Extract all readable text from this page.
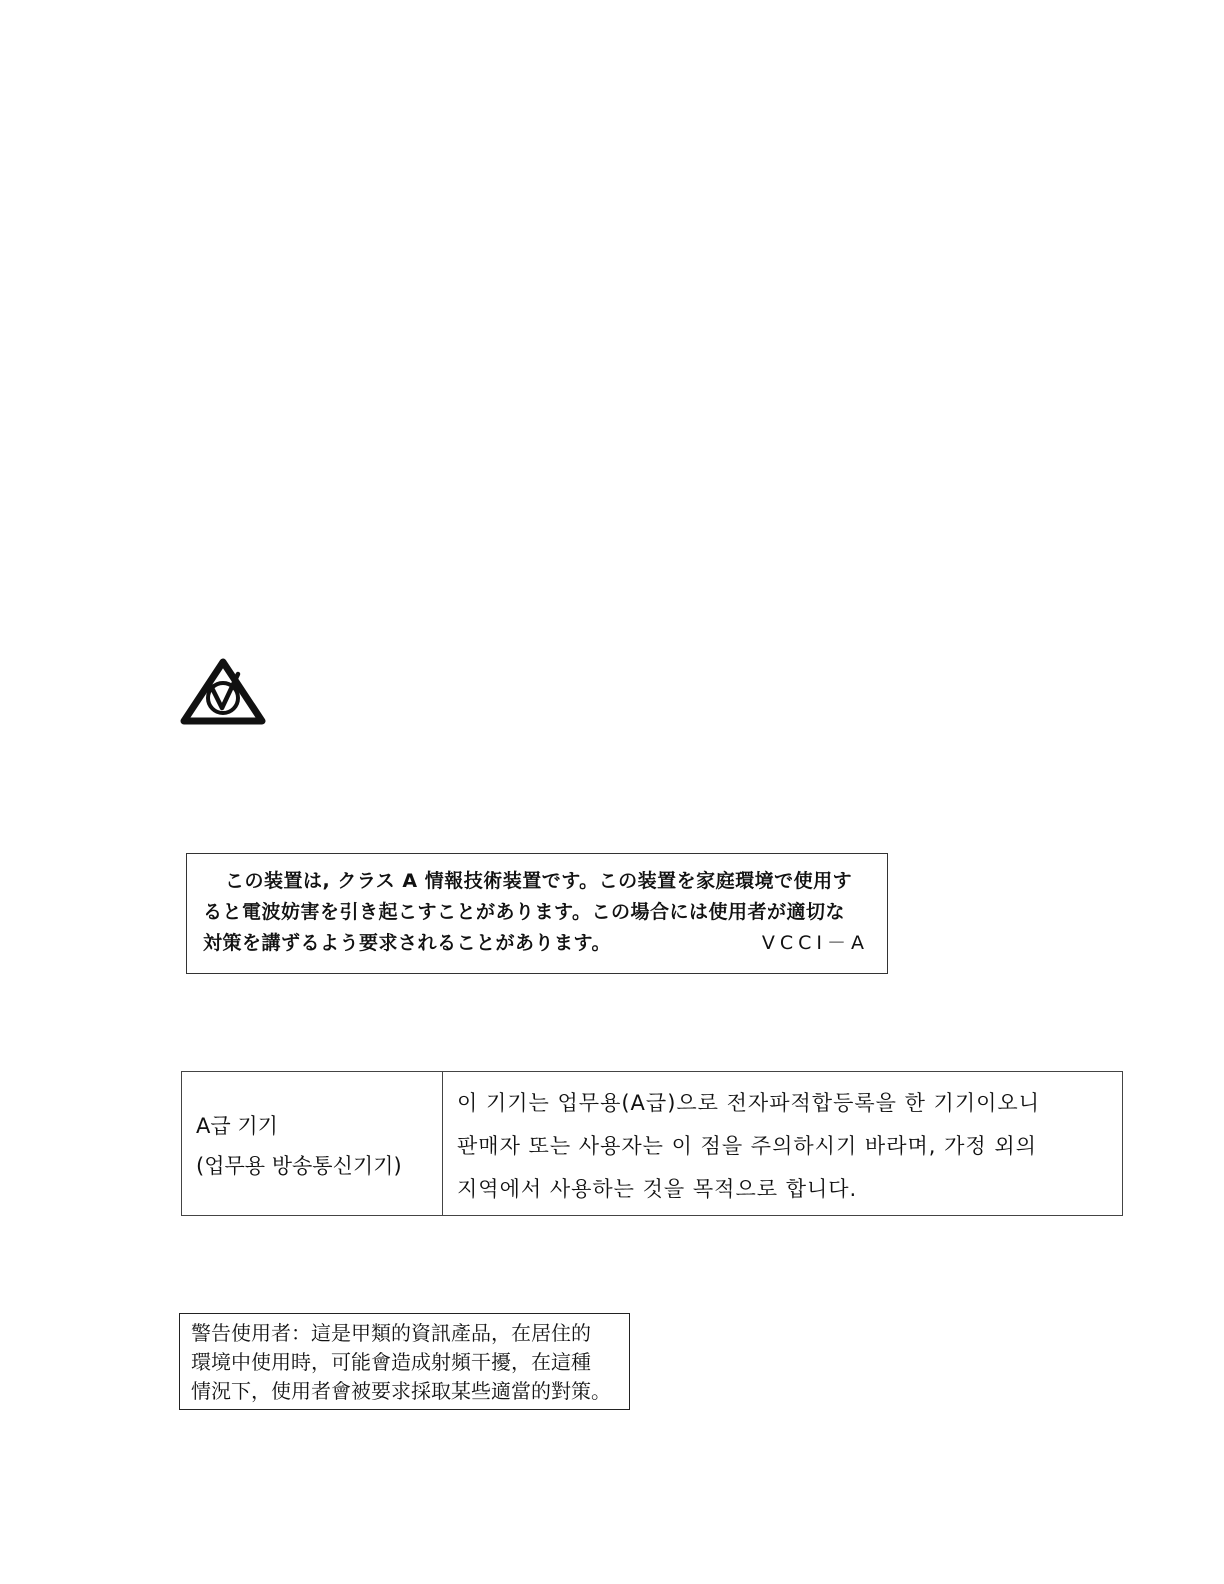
この装置は, クラス A 情報技術装置です。この装置を家庭環境で使用す
ると電波妨害を引き起こすことがあります。この場合には使用者が適切な
対策を講ずるよう要求されることがあります。	VCCI－A
A급 기기
(업무용 방송통신기기)
이 기기는 업무용(A급)으로 전자파적합등록을 한 기기이오니
판매자 또는 사용자는 이 점을 주의하시기 바라며, 가정 외의
지역에서 사용하는 것을 목적으로 합니다.
警告使用者：這是甲類的資訊產品，在居住的
環境中使用時，可能會造成射頻干擾，在這種
情況下，使用者會被要求採取某些適當的對策。
